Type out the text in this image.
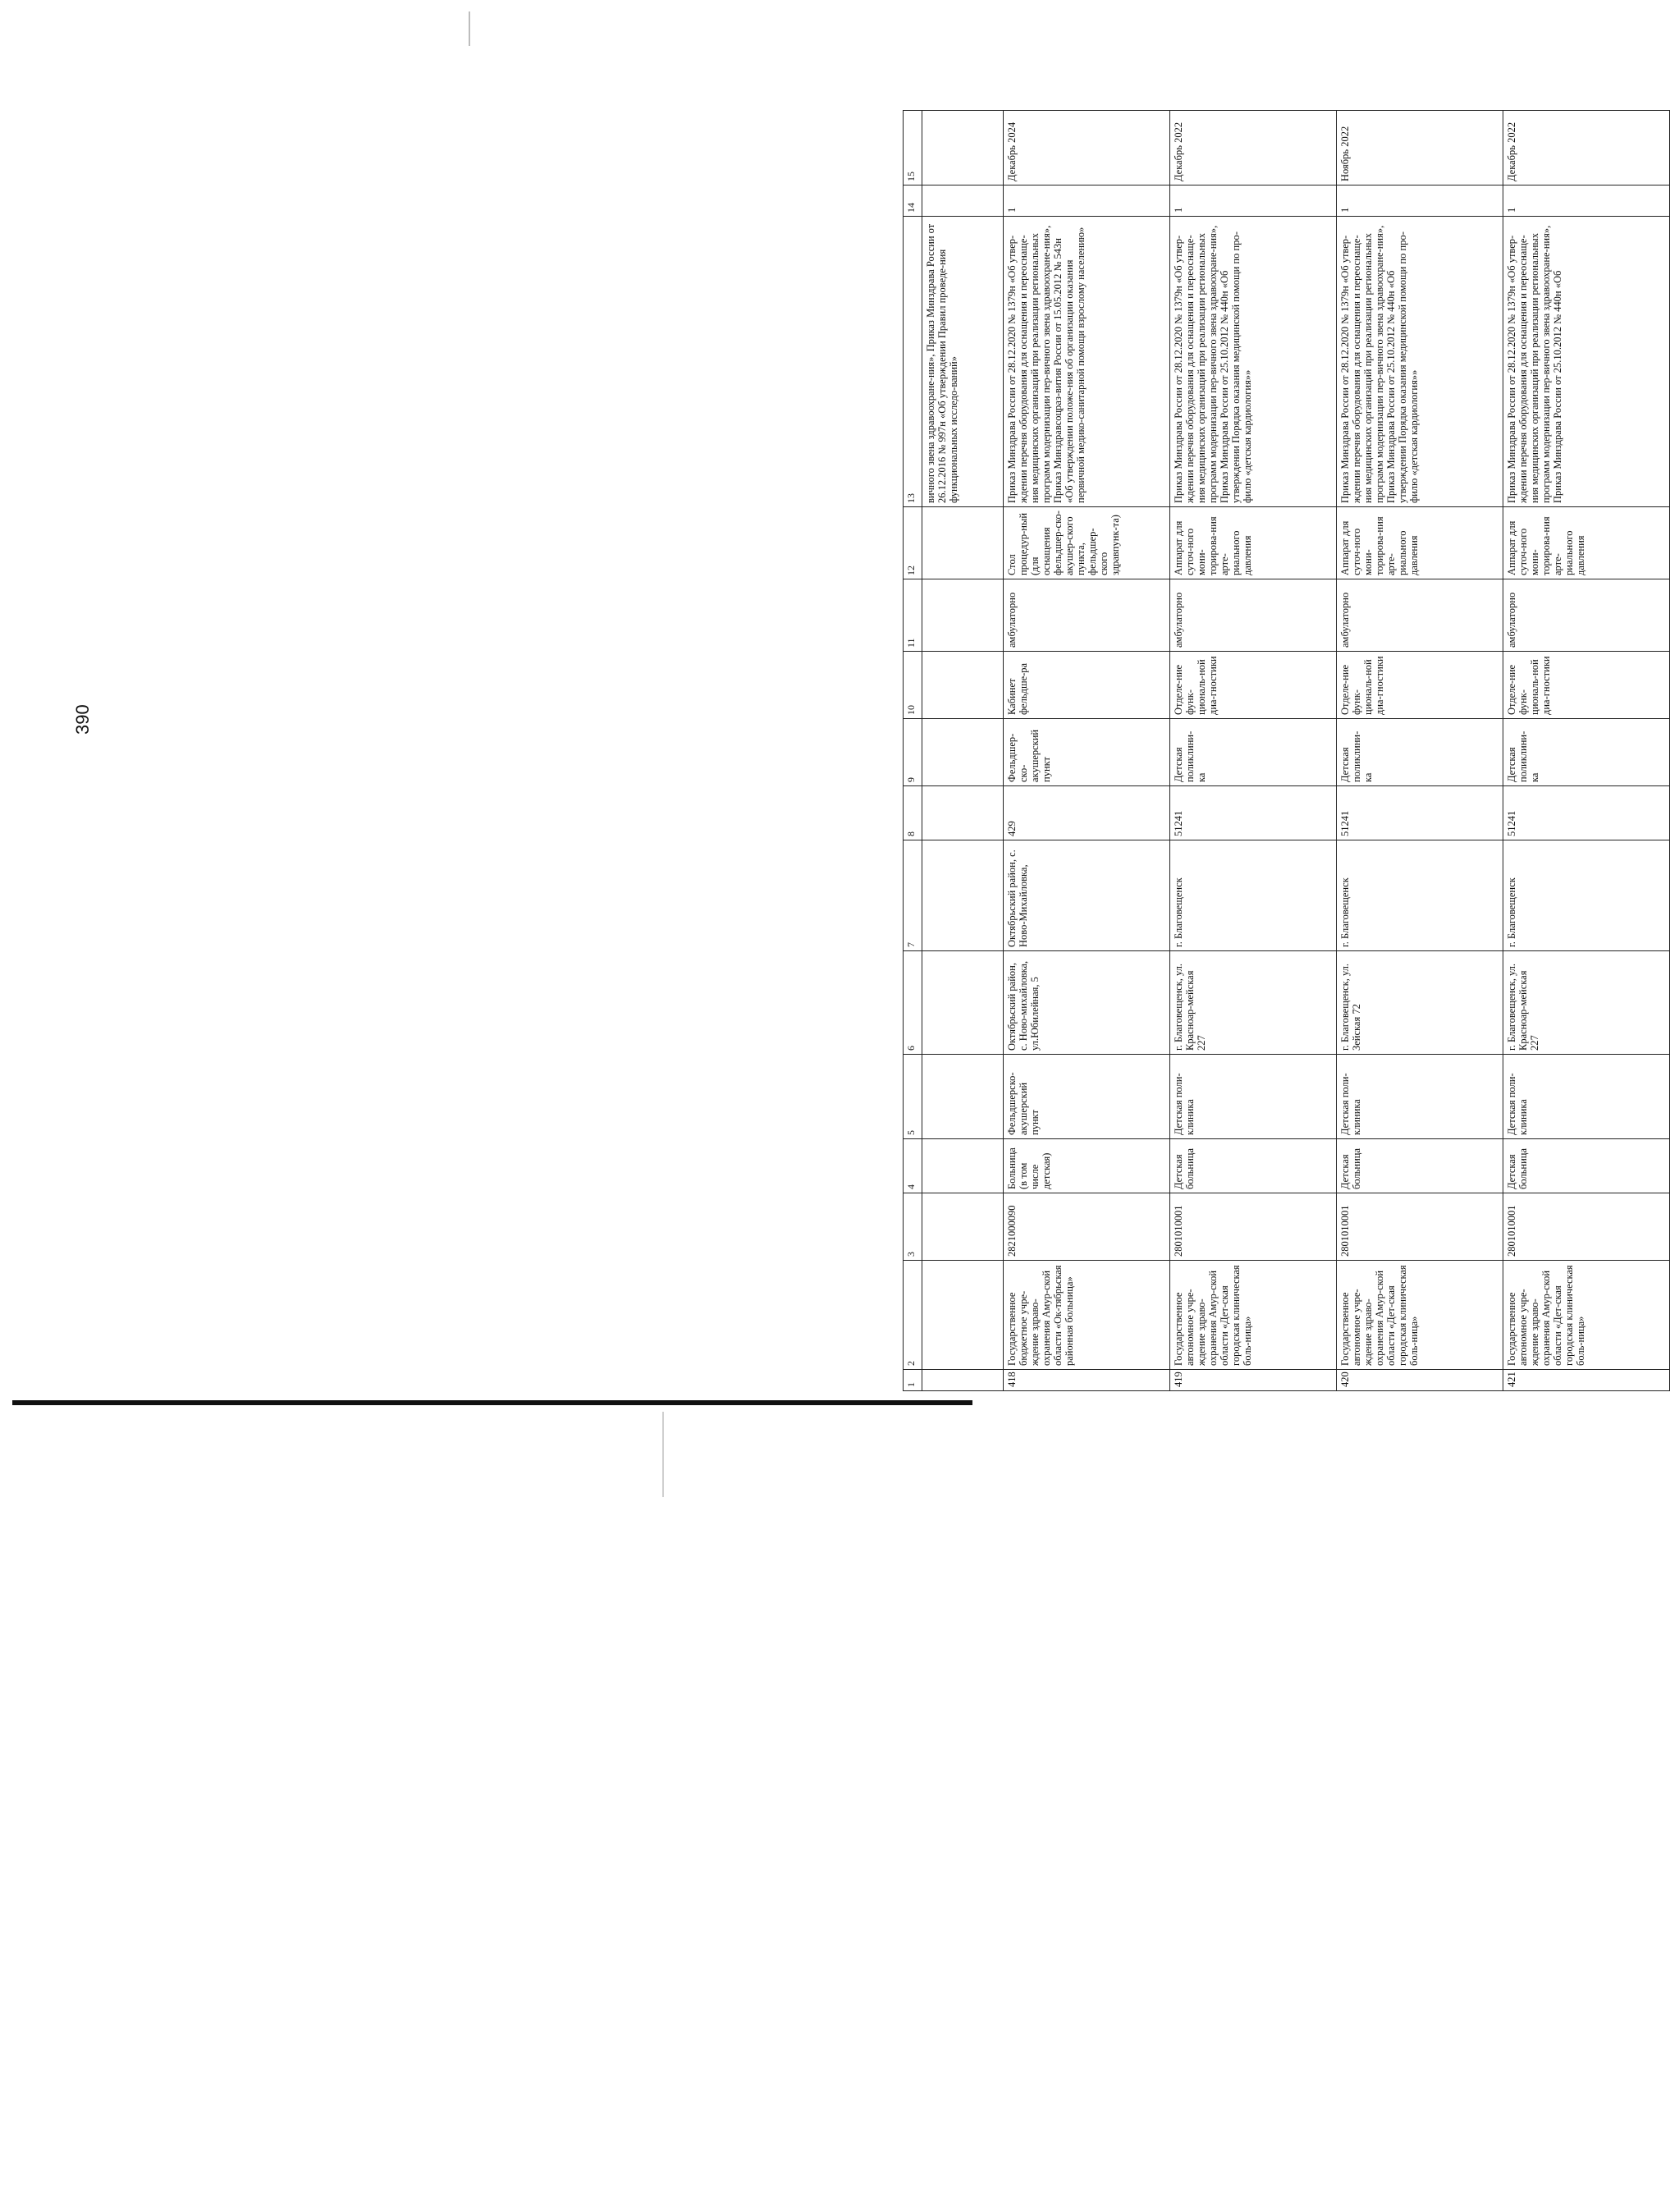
390
1	2	3	4	5	6	7	8	9	10	11	12	13	14	15
												вичного звена здравоохране-ния», Приказ Минздрава России от 26.12.2016 № 997н «Об утверждении Правил проведе-ния функциональных исследо-ваний»		
418	Государственное бюджетное учре-ждение здраво-охранения Амур-ской области «Ок-тябрьская районная больница»	2821000090	Больница (в том числе детская)	Фельдшерско-акушерский пункт	Октябрьский район, с. Ново-михайловка, ул.Юбилейная, 5	Октябрьский район, с. Ново-Михайловка,	429	Фельдшер-ско-акушерский пункт	Кабинет фельдше-ра	амбулаторно	Стол процедур-ный (для оснащения фельдшер-ско-акушер-ского пункта, фельдшер-ского здравпунк-та)	Приказ Минздрава России от 28.12.2020 № 1379н «Об утвер-ждении перечня оборудования для оснащения и переоснаще-ния медицинских организаций при реализации региональных программ модернизации пер-вичного звена здравоохране-ния», Приказ Минздравсоцраз-вития России от 15.05.2012 № 543н «Об утверждении положе-ния об организации оказания первичной медико-санитарной помощи взрослому населению»	1	Декабрь 2024
419	Государственное автономное учре-ждение здраво-охранения Амур-ской области «Дет-ская городская клиническая боль-ница»	2801010001	Детская больница	Детская поли-клиника	г. Благовещенск, ул. Краснoар-мейская 227	г. Благовещенск	51241	Детская поликлини-ка	Отделе-ние функ-циональ-ной диа-гностики	амбулаторно	Аппарат для суточ-ного мони-торирова-ния арте-риального давления	Приказ Минздрава России от 28.12.2020 № 1379н «Об утвер-ждении перечня оборудования для оснащения и переоснаще-ния медицинских организаций при реализации региональных программ модернизации пер-вичного звена здравоохране-ния», Приказ Минздрава России от 25.10.2012 № 440н «Об утверждении Порядка оказания медицинской помощи по про-филю «детская кардиология»»	1	Декабрь 2022
420	Государственное автономное учре-ждение здраво-охранения Амур-ской области «Дет-ская городская клиническая боль-ница»	2801010001	Детская больница	Детская поли-клиника	г. Благовещенск, ул. Зейская 72	г. Благовещенск	51241	Детская поликлини-ка	Отделе-ние функ-циональ-ной диа-гностики	амбулаторно	Аппарат для суточ-ного мони-торирова-ния арте-риального давления	Приказ Минздрава России от 28.12.2020 № 1379н «Об утвер-ждении перечня оборудования для оснащения и переоснаще-ния медицинских организаций при реализации региональных программ модернизации пер-вичного звена здравоохране-ния», Приказ Минздрава России от 25.10.2012 № 440н «Об утверждении Порядка оказания медицинской помощи по про-филю «детская кардиология»»	1	Ноябрь 2022
421	Государственное автономное учре-ждение здраво-охранения Амур-ской области «Дет-ская городская клиническая боль-ница»	2801010001	Детская больница	Детская поли-клиника	г. Благовещенск, ул. Краснoар-мейская 227	г. Благовещенск	51241	Детская поликлини-ка	Отделе-ние функ-циональ-ной диа-гностики	амбулаторно	Аппарат для суточ-ного мони-торирова-ния арте-риального давления	Приказ Минздрава России от 28.12.2020 № 1379н «Об утвер-ждении перечня оборудования для оснащения и переоснаще-ния медицинских организаций при реализации региональных программ модернизации пер-вичного звена здравоохране-ния», Приказ Минздрава России от 25.10.2012 № 440н «Об	1	Декабрь 2022
